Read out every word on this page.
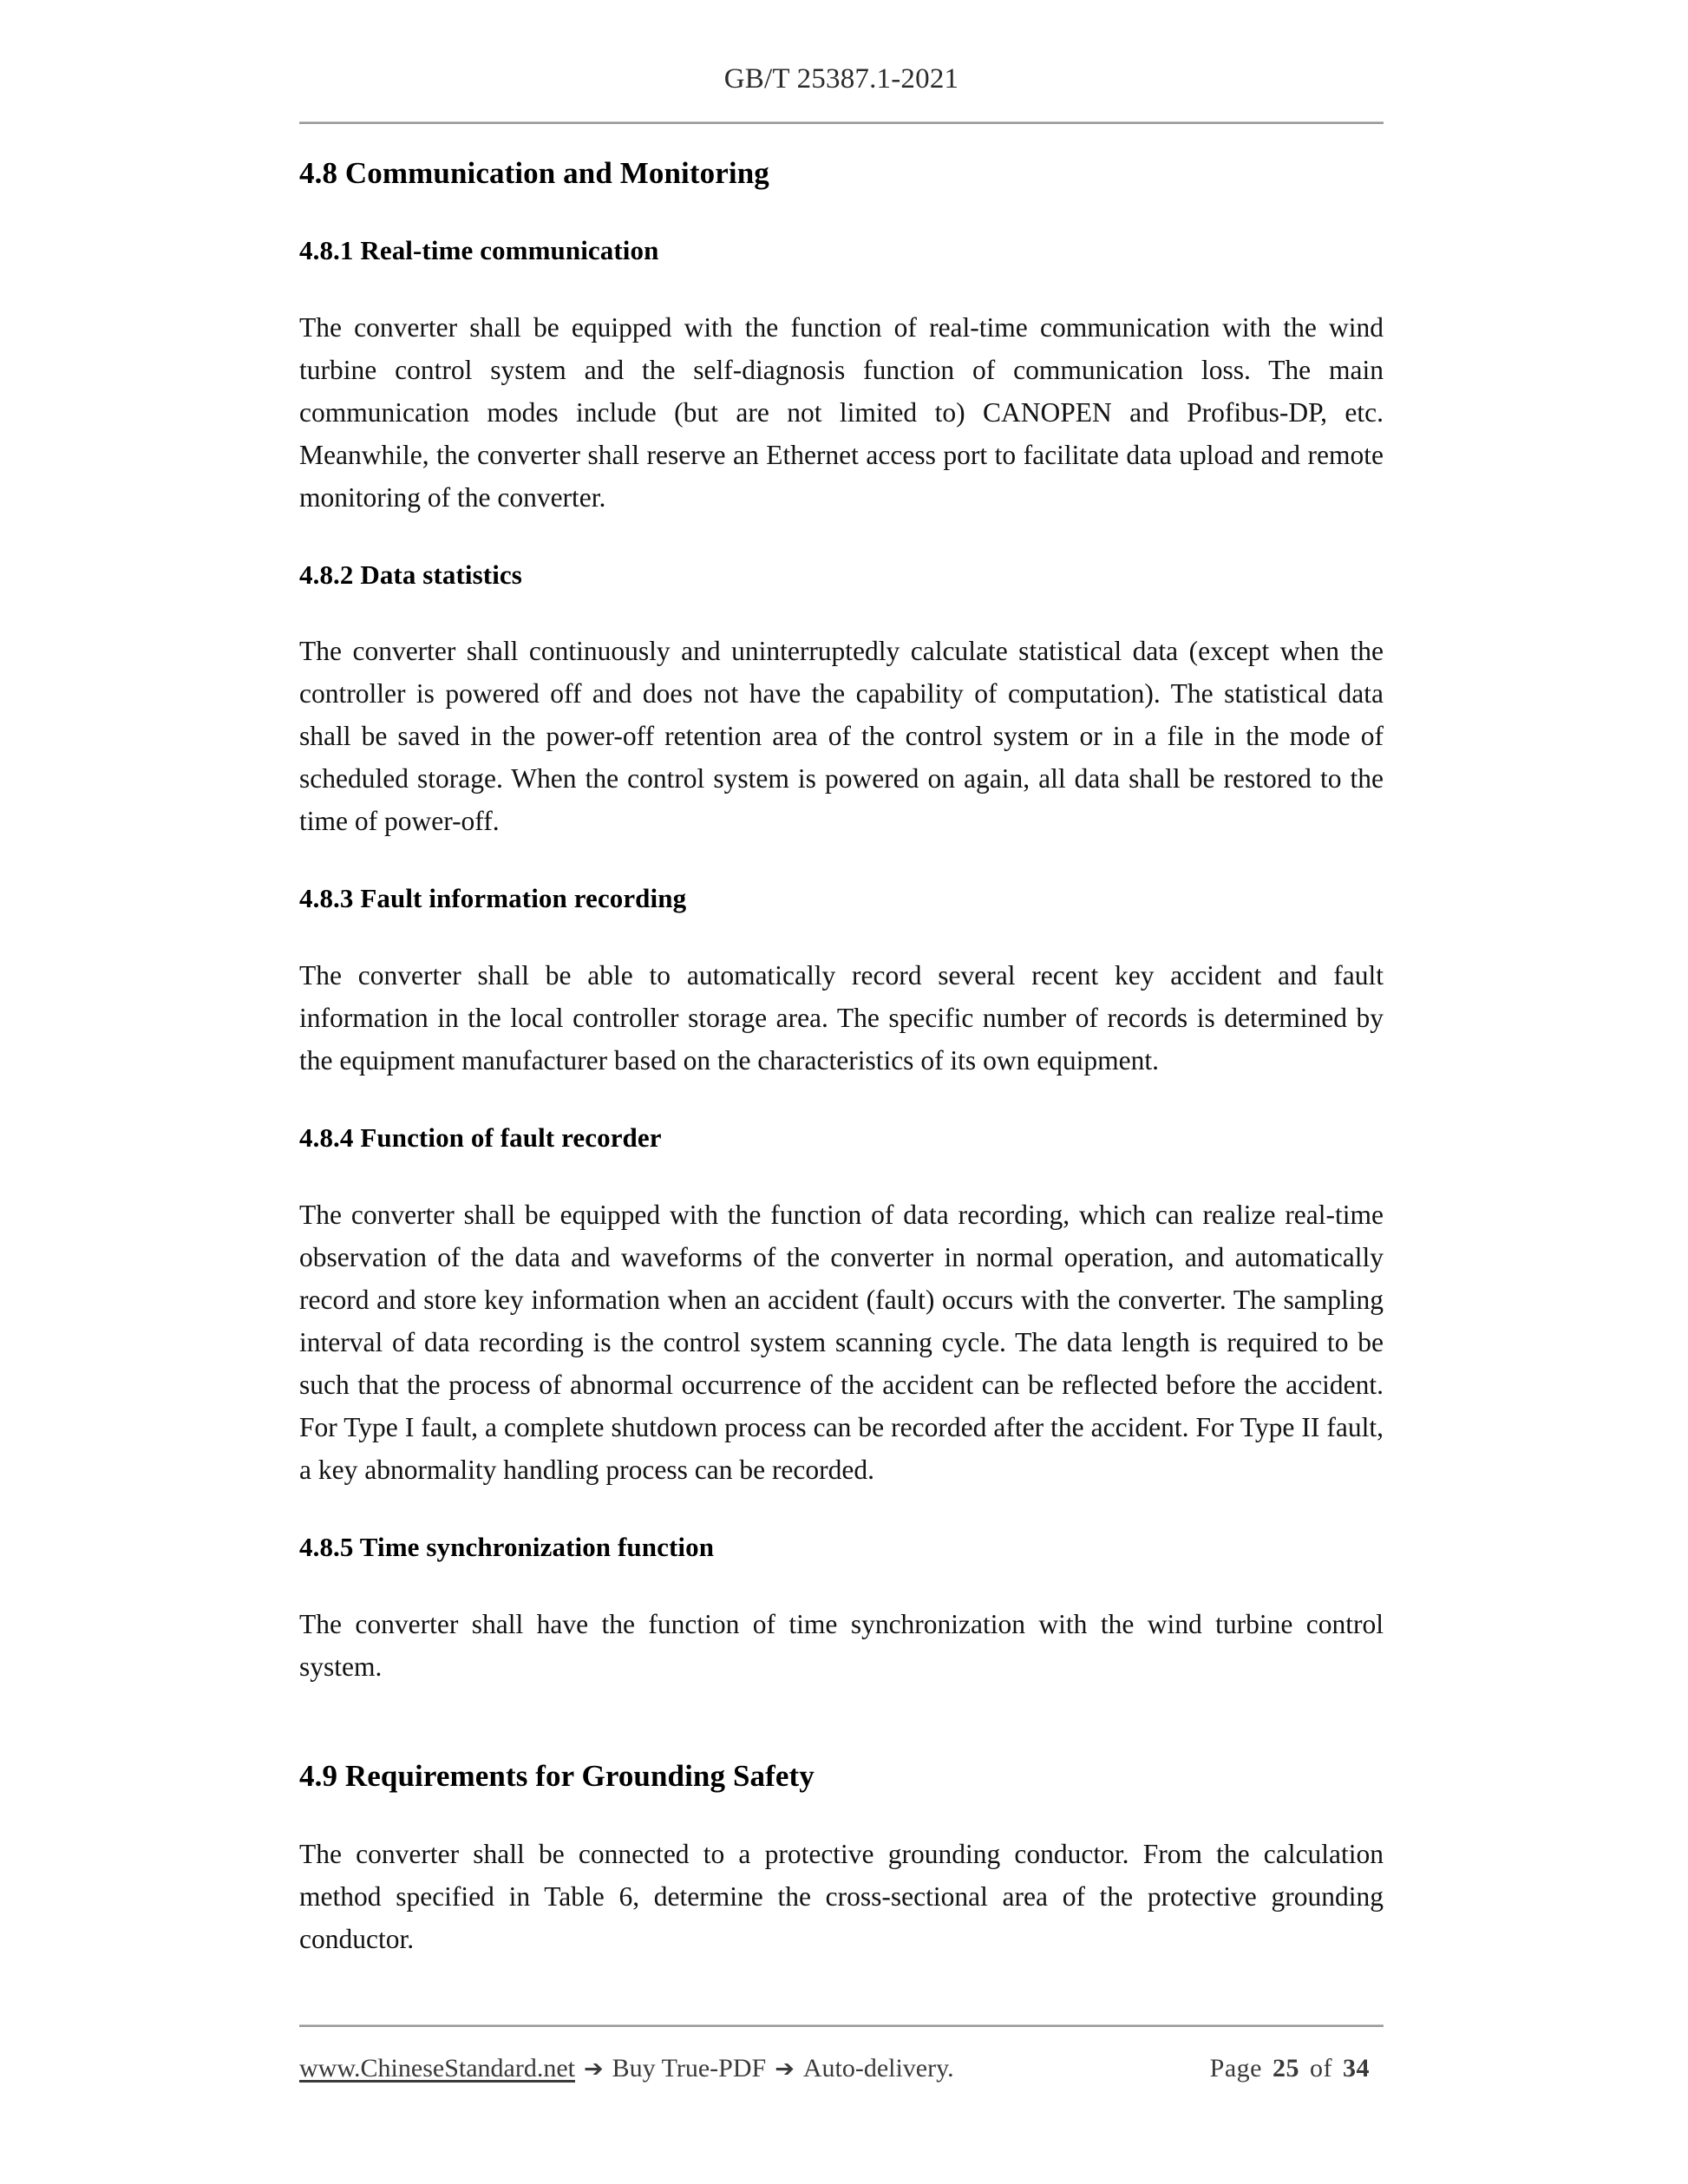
GB/T 25387.1-2021
4.8 Communication and Monitoring
4.8.1 Real-time communication

The converter shall be equipped with the function of real-time communication with the wind turbine control system and the self-diagnosis function of communication loss. The main communication modes include (but are not limited to) CANOPEN and Profibus-DP, etc. Meanwhile, the converter shall reserve an Ethernet access port to facilitate data upload and remote monitoring of the converter.

4.8.2 Data statistics

The converter shall continuously and uninterruptedly calculate statistical data (except when the controller is powered off and does not have the capability of computation). The statistical data shall be saved in the power-off retention area of the control system or in a file in the mode of scheduled storage. When the control system is powered on again, all data shall be restored to the time of power-off.

4.8.3 Fault information recording

The converter shall be able to automatically record several recent key accident and fault information in the local controller storage area. The specific number of records is determined by the equipment manufacturer based on the characteristics of its own equipment.

4.8.4 Function of fault recorder

The converter shall be equipped with the function of data recording, which can realize real-time observation of the data and waveforms of the converter in normal operation, and automatically record and store key information when an accident (fault) occurs with the converter. The sampling interval of data recording is the control system scanning cycle. The data length is required to be such that the process of abnormal occurrence of the accident can be reflected before the accident. For Type I fault, a complete shutdown process can be recorded after the accident. For Type II fault, a key abnormality handling process can be recorded.

4.8.5 Time synchronization function

The converter shall have the function of time synchronization with the wind turbine control system.

4.9 Requirements for Grounding Safety

The converter shall be connected to a protective grounding conductor. From the calculation method specified in Table 6, determine the cross-sectional area of the protective grounding conductor.

www.ChineseStandard.net ➔ Buy True-PDF ➔ Auto-delivery.	Page 25 of 34
